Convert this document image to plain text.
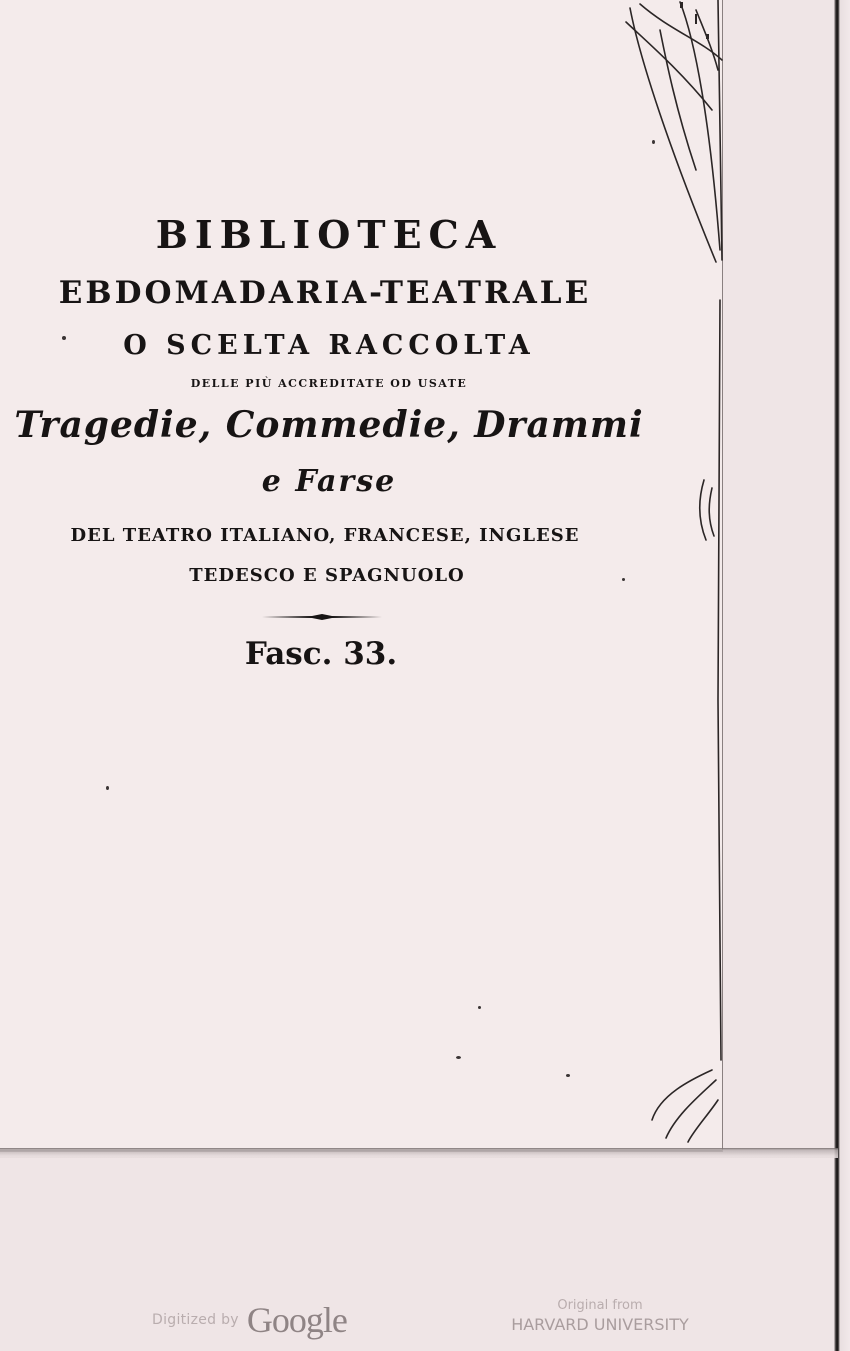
BIBLIOTECA
EBDOMADARIA-TEATRALE
O SCELTA RACCOLTA
DELLE PIÙ ACCREDITATE OD USATE
Tragedie, Commedie, Drammi
e Farse
DEL TEATRO ITALIANO, FRANCESE, INGLESE
TEDESCO E SPAGNUOLO
Fasc. 33.
Digitized by Google	Original from
HARVARD UNIVERSITY
